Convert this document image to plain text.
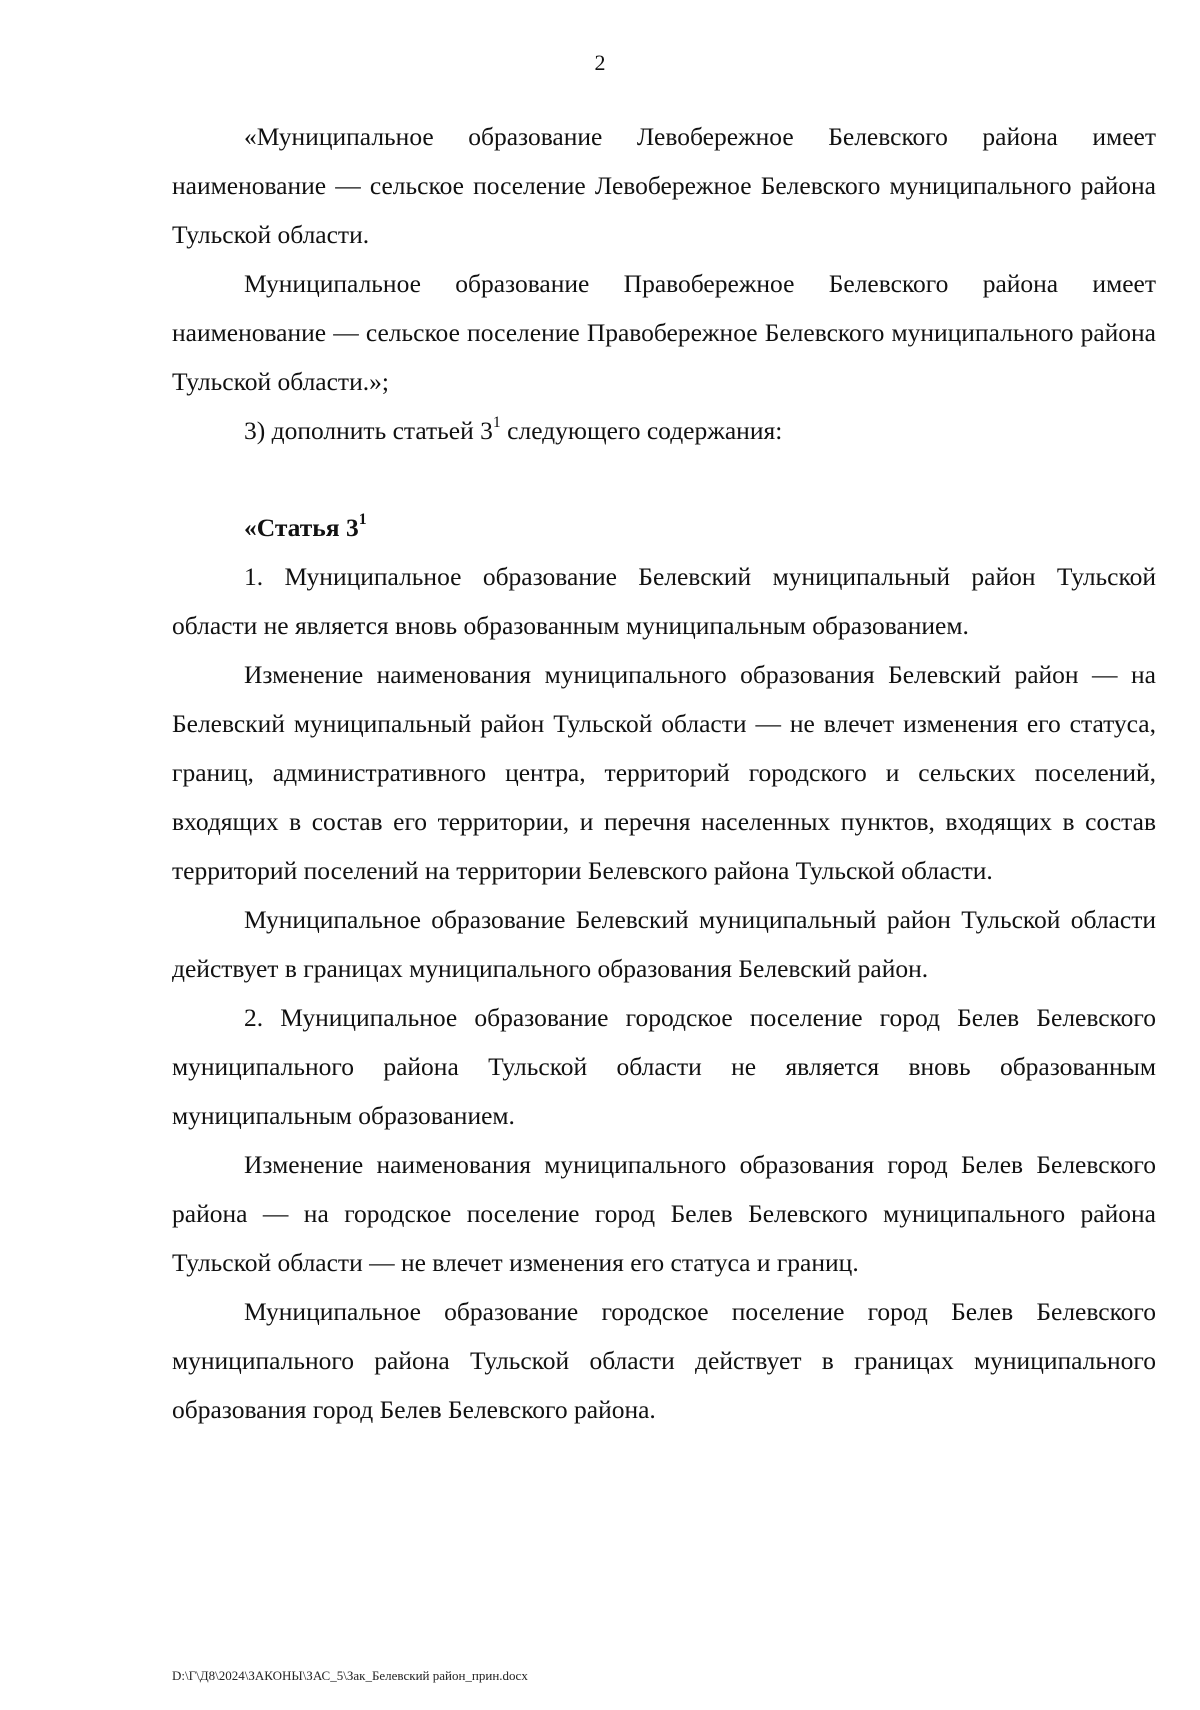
2

«Муниципальное образование Левобережное Белевского района имеет наименование — сельское поселение Левобережное Белевского муниципального района Тульской области.

Муниципальное образование Правобережное Белевского района имеет наименование — сельское поселение Правобережное Белевского муниципального района Тульской области.»;

3) дополнить статьей $3^1$ следующего содержания:

«Статья $3^1$

1. Муниципальное образование Белевский муниципальный район Тульской области не является вновь образованным муниципальным образованием.

Изменение наименования муниципального образования Белевский район — на Белевский муниципальный район Тульской области — не влечет изменения его статуса, границ, административного центра, территорий городского и сельских поселений, входящих в состав его территории, и перечня населенных пунктов, входящих в состав территорий поселений на территории Белевского района Тульской области.

Муниципальное образование Белевский муниципальный район Тульской области действует в границах муниципального образования Белевский район.

2. Муниципальное образование городское поселение город Белев Белевского муниципального района Тульской области не является вновь образованным муниципальным образованием.

Изменение наименования муниципального образования город Белев Белевского района — на городское поселение город Белев Белевского муниципального района Тульской области — не влечет изменения его статуса и границ.

Муниципальное образование городское поселение город Белев Белевского муниципального района Тульской области действует в границах муниципального образования город Белев Белевского района.

D:\Г\Д8\2024\ЗАКОНЫ\ЗАС_5\Зак_Белевский район_прин.docx
